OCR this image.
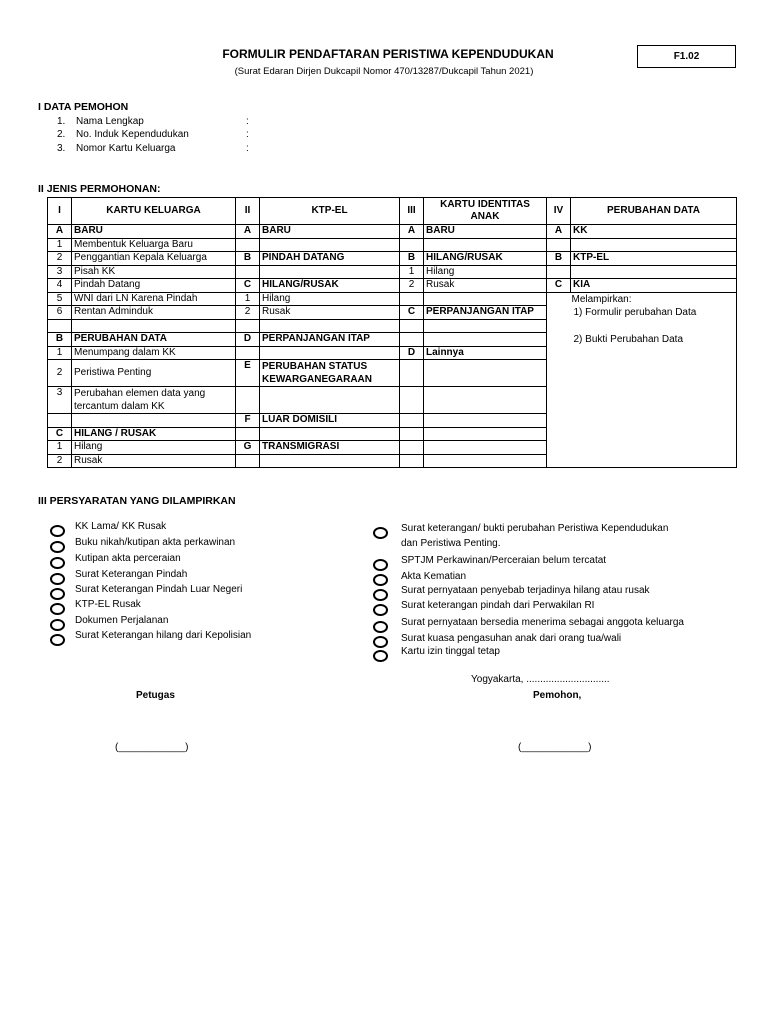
FORMULIR PENDAFTARAN PERISTIWA KEPENDUDUKAN
(Surat Edaran Dirjen Dukcapil Nomor 470/13287/Dukcapil Tahun 2021)
F1.02
I DATA PEMOHON
1. Nama Lengkap	:
2. No. Induk Kependudukan	:
3. Nomor Kartu Keluarga	:
II JENIS PERMOHONAN:
I	KARTU KELUARGA	II	KTP-EL	III	KARTU IDENTITAS ANAK	IV	PERUBAHAN DATA
A	BARU	A	BARU	A	BARU	A	KK
1	Membentuk Keluarga Baru						
2	Penggantian Kepala Keluarga	B	PINDAH DATANG	B	HILANG/RUSAK	B	KTP-EL
3	Pisah KK			1	Hilang		
4	Pindah Datang	C	HILANG/RUSAK	2	Rusak	C	KIA
5	WNI dari LN Karena Pindah	1	Hilang				Melampirkan:
1) Formulir perubahan Data
2) Bukti Perubahan Data

6	Rentan Adminduk	2	Rusak	C	PERPANJANGAN ITAP		

B	PERUBAHAN DATA	D	PERPANJANGAN ITAP				
1	Menumpang dalam KK			D	Lainnya		
2	Peristiwa Penting	E	PERUBAHAN STATUS KEWARGANEGARAAN				
3	Perubahan elemen data yang tercantum dalam KK						
		F	LUAR DOMISILI				
C	HILANG / RUSAK						
1	Hilang	G	TRANSMIGRASI				
2	Rusak						
III PERSYARATAN YANG DILAMPIRKAN
KK Lama/ KK Rusak
Buku nikah/kutipan akta perkawinan
Kutipan akta perceraian
Surat Keterangan Pindah
Surat Keterangan Pindah Luar Negeri
KTP-EL Rusak
Dokumen Perjalanan
Surat Keterangan hilang dari Kepolisian
Surat keterangan/ bukti perubahan Peristiwa Kependudukan
dan Peristiwa Penting.
SPTJM Perkawinan/Perceraian belum tercatat
Akta Kematian
Surat pernyataan penyebab terjadinya hilang atau rusak
Surat keterangan pindah dari Perwakilan RI
Surat pernyataan bersedia menerima sebagai anggota keluarga
Surat kuasa pengasuhan anak dari orang tua/wali
Kartu izin tinggal tetap
Yogyakarta, ..............................
Petugas	Pemohon,
(____________)	(____________)
